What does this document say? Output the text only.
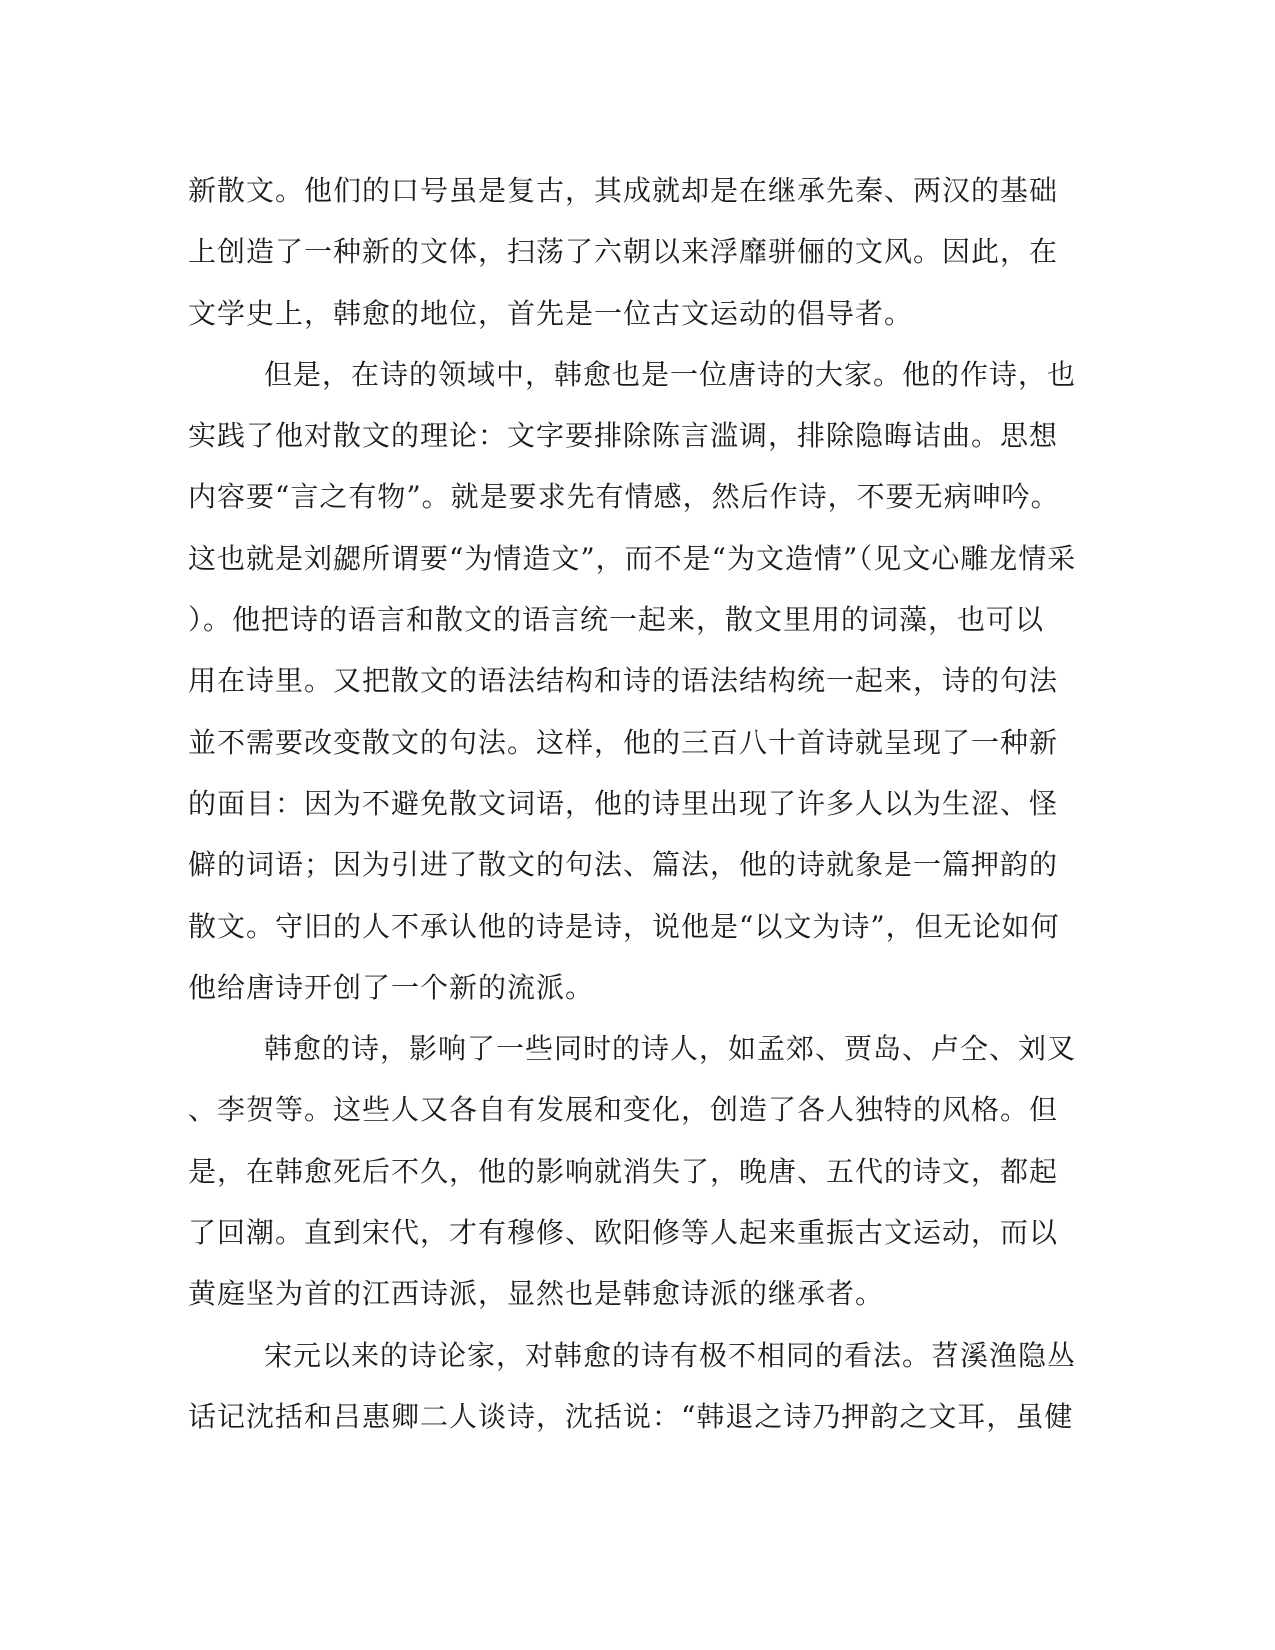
新散文。他们的口号虽是复古，其成就却是在继承先秦、两汉的基础
上创造了一种新的文体，扫荡了六朝以来浮靡骈俪的文风。因此，在
文学史上，韩愈的地位，首先是一位古文运动的倡导者。
但是，在诗的领域中，韩愈也是一位唐诗的大家。他的作诗，也
实践了他对散文的理论：文字要排除陈言滥调，排除隐晦诘曲。思想
内容要“言之有物”。就是要求先有情感，然后作诗，不要无病呻吟。
这也就是刘勰所谓要“为情造文”，而不是“为文造情”（见文心雕龙情采
）。他把诗的语言和散文的语言统一起来，散文里用的词藻，也可以
用在诗里。又把散文的语法结构和诗的语法结构统一起来，诗的句法
並不需要改变散文的句法。这样，他的三百八十首诗就呈现了一种新
的面目：因为不避免散文词语，他的诗里出现了许多人以为生涩、怪
僻的词语；因为引进了散文的句法、篇法，他的诗就象是一篇押韵的
散文。守旧的人不承认他的诗是诗，说他是“以文为诗”，但无论如何
他给唐诗开创了一个新的流派。
韩愈的诗，影响了一些同时的诗人，如孟郊、贾岛、卢仝、刘叉
、李贺等。这些人又各自有发展和变化，创造了各人独特的风格。但
是，在韩愈死后不久，他的影响就消失了，晚唐、五代的诗文，都起
了回潮。直到宋代，才有穆修、欧阳修等人起来重振古文运动，而以
黄庭坚为首的江西诗派，显然也是韩愈诗派的继承者。
宋元以来的诗论家，对韩愈的诗有极不相同的看法。苕溪渔隐丛
话记沈括和吕惠卿二人谈诗，沈括说：“韩退之诗乃押韵之文耳，虽健
